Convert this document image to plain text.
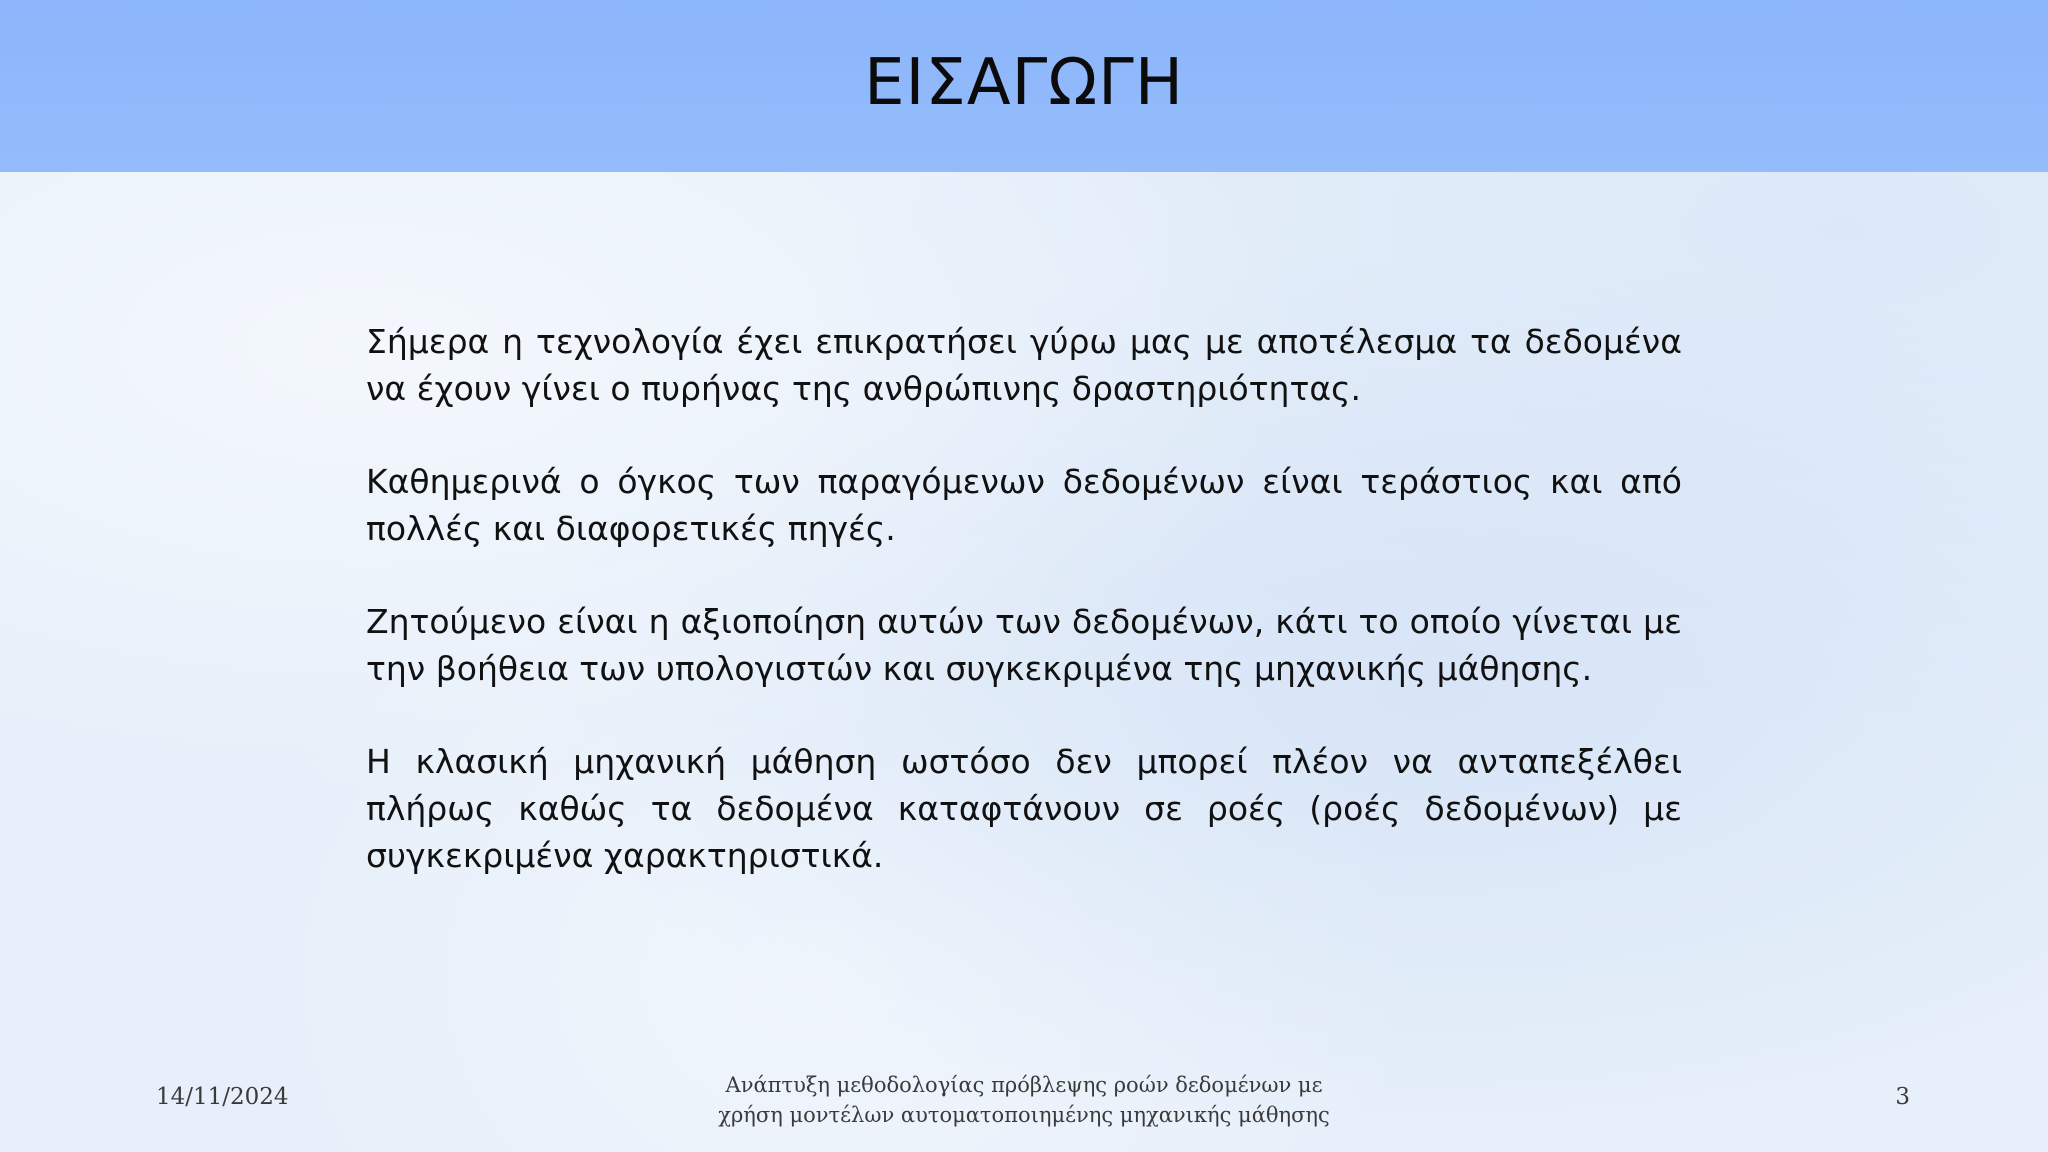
ΕΙΣΑΓΩΓΗ

Σήμερα η τεχνολογία έχει επικρατήσει γύρω μας με αποτέλεσμα τα δεδομένα να έχουν γίνει ο πυρήνας της ανθρώπινης δραστηριότητας.

Καθημερινά ο όγκος των παραγόμενων δεδομένων είναι τεράστιος και από πολλές και διαφορετικές πηγές.

Ζητούμενο είναι η αξιοποίηση αυτών των δεδομένων, κάτι το οποίο γίνεται με την βοήθεια των υπολογιστών και συγκεκριμένα της μηχανικής μάθησης.

Η κλασική μηχανική μάθηση ωστόσο δεν μπορεί πλέον να ανταπεξέλθει πλήρως καθώς τα δεδομένα καταφτάνουν σε ροές (ροές δεδομένων) με συγκεκριμένα χαρακτηριστικά.

14/11/2024	Ανάπτυξη μεθοδολογίας πρόβλεψης ροών δεδομένων με
χρήση μοντέλων αυτοματοποιημένης μηχανικής μάθησης
3
